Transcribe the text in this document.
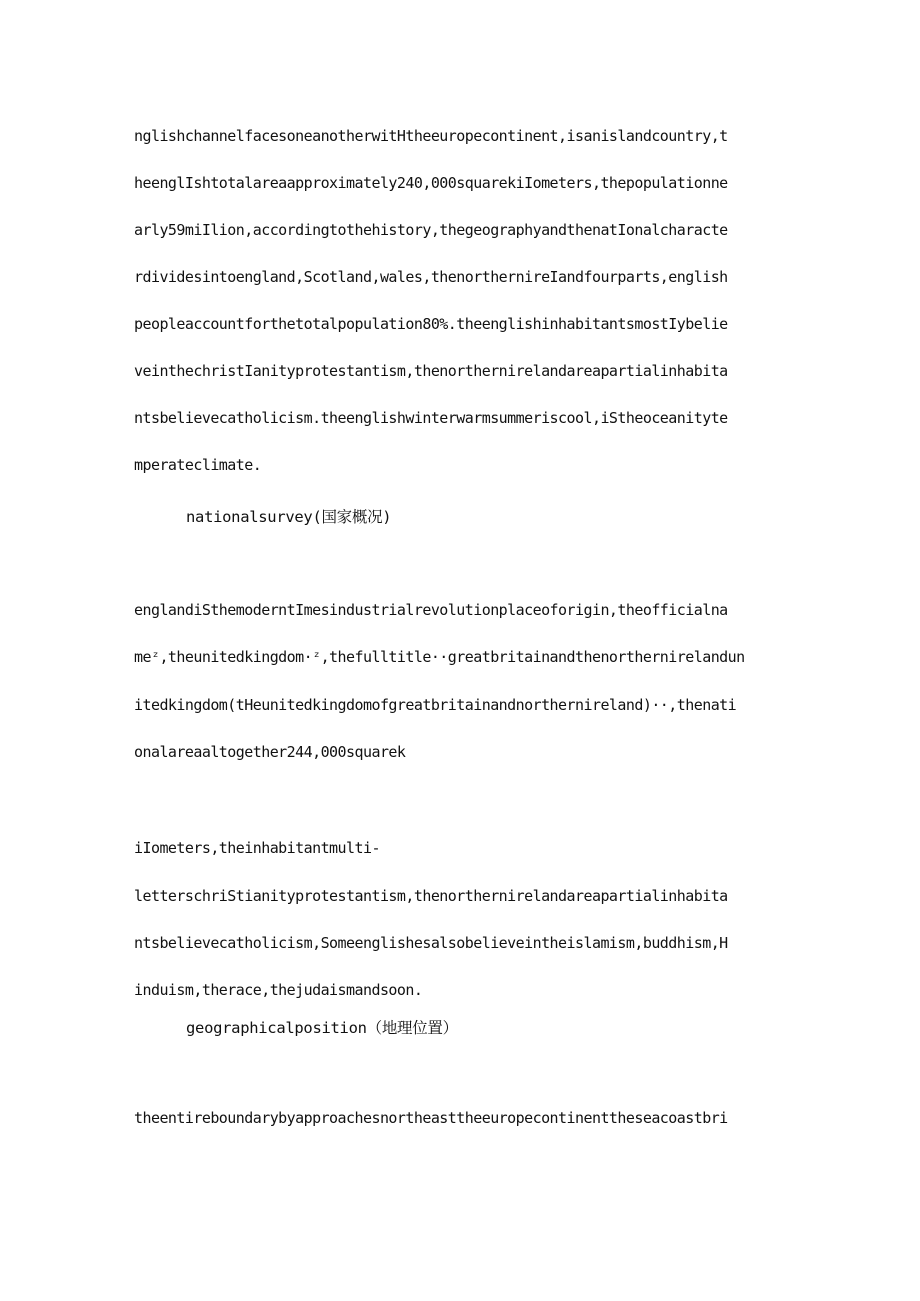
nglishchannelfacesoneanotherwitHtheeuropecontinent,isanislandcountry,t
heenglIshtotalareaapproximately240,000squarekiIometers,thepopulationne
arly59miIlion,accordingtothehistory,thegeographyandthenatIonalcharacte
rdividesintoengland,Scotland,wales,thenorthernireIandfourparts,english
peopleaccountforthetotalpopulation80%.theenglishinhabitantsmostIybelie
veinthechristIanityprotestantism,thenorthernirelandareapartialinhabita
ntsbelievecatholicism.theenglishwinterwarmsummeriscool,iStheoceanityte
mperateclimate.
nationalsurvey(国家概况)
englandiSthemoderntImesindustrialrevolutionplaceoforigin,theofficialna
meᶻ,theunitedkingdom·ᶻ,thefulltitle··greatbritainandthenorthernirelandun
itedkingdom(tHeunitedkingdomofgreatbritainandnorthernireland)··,thenati
onalareaaltogether244,000squarek
iIometers,theinhabitantmulti-
letterschriStianityprotestantism,thenorthernirelandareapartialinhabita
ntsbelievecatholicism,Someenglishesalsobelieveintheislamism,buddhism,H
induism,therace,thejudaismandsoon.
geographicalposition（地理位置）
theentireboundarybyapproachesnortheasttheeuropecontinenttheseacoastbri
